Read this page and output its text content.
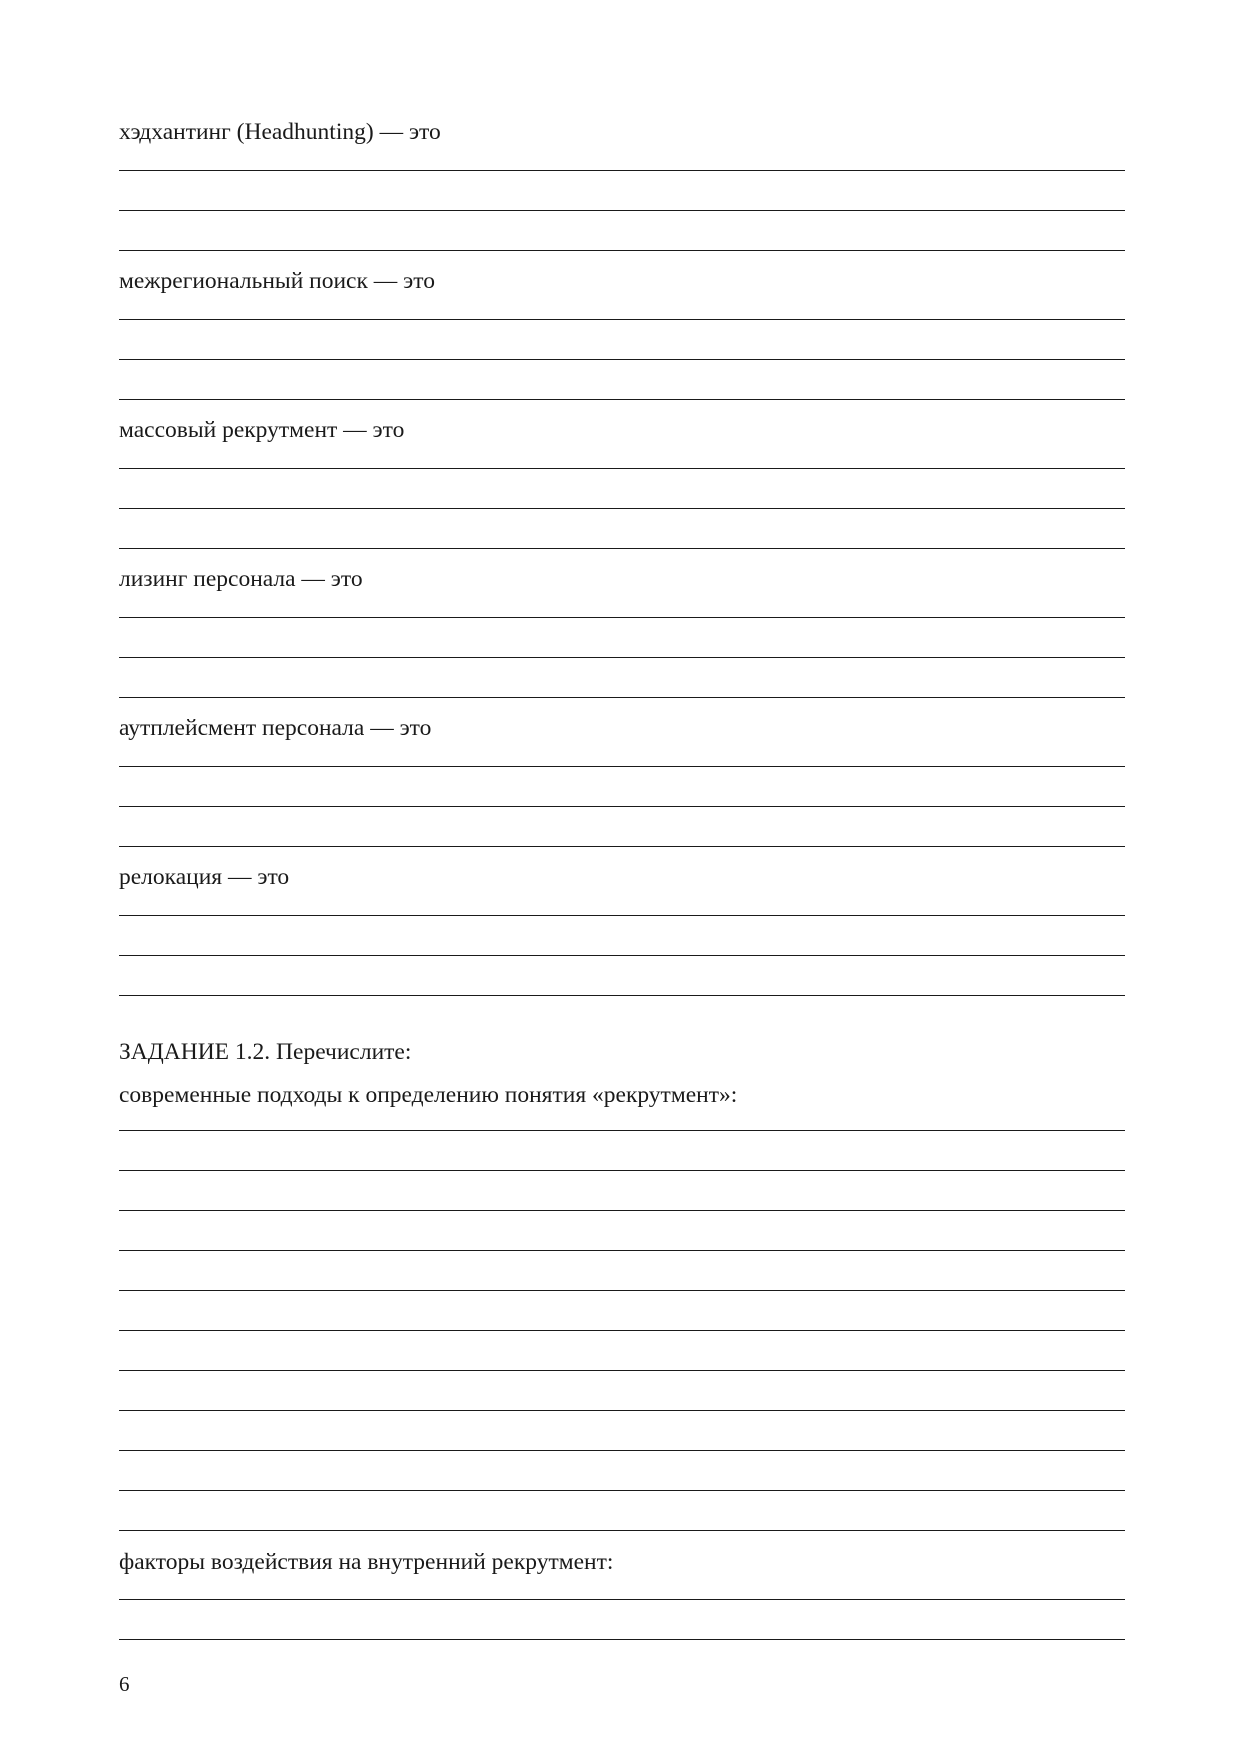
хэдхантинг (Headhunting) — это
межрегиональный поиск — это
массовый рекрутмент — это
лизинг персонала — это
аутплейсмент персонала — это
релокация — это
ЗАДАНИЕ 1.2. Перечислите:
современные подходы к определению понятия «рекрутмент»:
факторы воздействия на внутренний рекрутмент:
6
